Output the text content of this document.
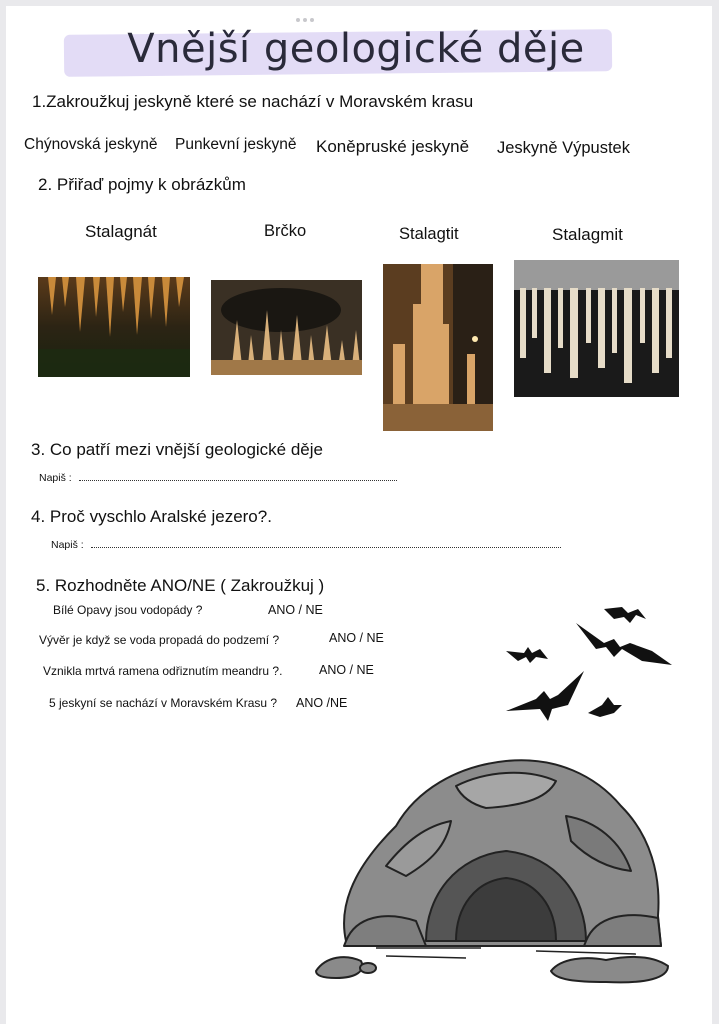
Vnější geologické děje
1.Zakroužkuj jeskyně které se nachází v Moravském krasu
Chýnovská jeskyně Punkevní jeskyně Koněpruské jeskyně Jeskyně Výpustek
2. Přiřaď pojmy k obrázkům
Stalagnát	Brčko	Stalagtit	Stalagmit
3. Co patří mezi vnější geologické děje
Napiš :
4. Proč vyschlo Aralské jezero?.
Napiš :
5. Rozhodněte ANO/NE ( Zakroužkuj )
Bílé Opavy jsou vodopády ?	ANO / NE
Vývěr je když se voda propadá do podzemí ?	ANO / NE
Vznikla mrtvá ramena odřiznutím meandru ?.	ANO / NE
5 jeskyní se nachází v Moravském Krasu ? ANO /NE
